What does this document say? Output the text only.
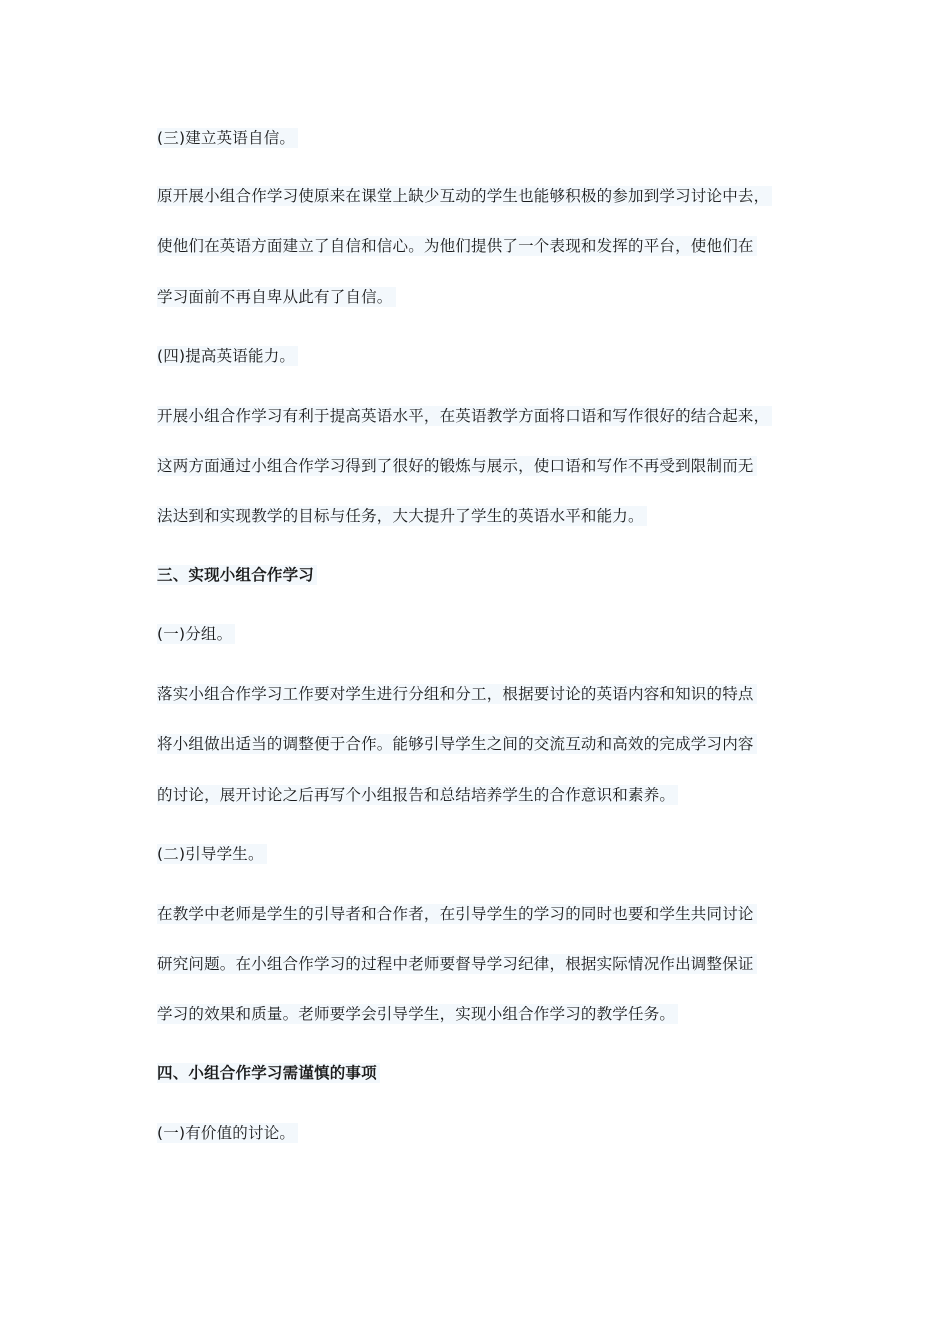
(三)建立英语自信。
原开展小组合作学习使原来在课堂上缺少互动的学生也能够积极的参加到学习讨论中去，
使他们在英语方面建立了自信和信心。为他们提供了一个表现和发挥的平台，使他们在
学习面前不再自卑从此有了自信。
(四)提高英语能力。
开展小组合作学习有利于提高英语水平，在英语教学方面将口语和写作很好的结合起来，
这两方面通过小组合作学习得到了很好的锻炼与展示，使口语和写作不再受到限制而无
法达到和实现教学的目标与任务，大大提升了学生的英语水平和能力。
三、实现小组合作学习
(一)分组。
落实小组合作学习工作要对学生进行分组和分工，根据要讨论的英语内容和知识的特点
将小组做出适当的调整便于合作。能够引导学生之间的交流互动和高效的完成学习内容
的讨论，展开讨论之后再写个小组报告和总结培养学生的合作意识和素养。
(二)引导学生。
在教学中老师是学生的引导者和合作者，在引导学生的学习的同时也要和学生共同讨论
研究问题。在小组合作学习的过程中老师要督导学习纪律，根据实际情况作出调整保证
学习的效果和质量。老师要学会引导学生，实现小组合作学习的教学任务。
四、小组合作学习需谨慎的事项
(一)有价值的讨论。
